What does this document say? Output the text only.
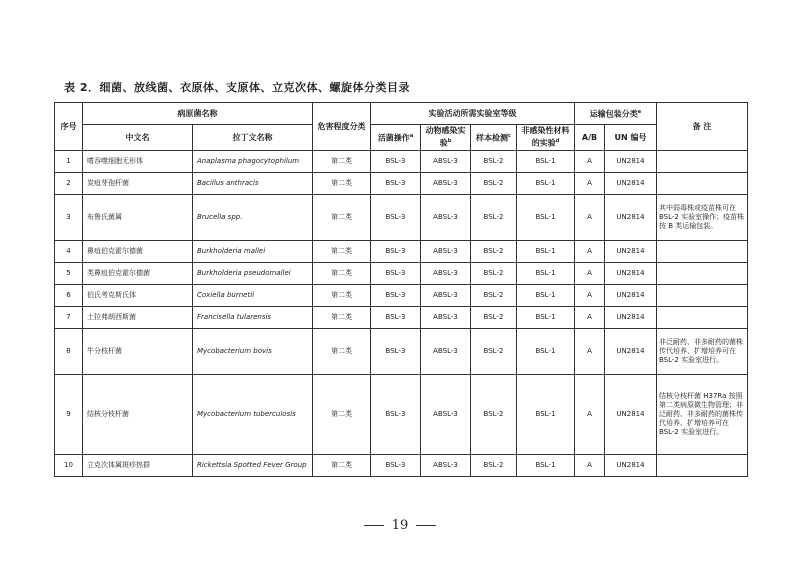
表 2．细菌、放线菌、衣原体、支原体、立克次体、螺旋体分类目录
序号	病原菌名称		危害程度分类	实验活动所需实验室等级				运输包装分类$^e$		备 注
	中文名	拉丁文名称		活菌操作$^a$	动物感染实验$^b$	样本检测$^c$	非感染性材料的实验$^d$	A/B	UN 编号	
1	嗜吞噬细胞无形体	Anaplasma phagocytophilum	第二类	BSL-3	ABSL-3	BSL-2	BSL-1	A	UN2814	
2	炭疽芽孢杆菌	Bacillus anthracis	第二类	BSL-3	ABSL-3	BSL-2	BSL-1	A	UN2814	
3	布鲁氏菌属	Brucella spp.	第二类	BSL-3	ABSL-3	BSL-2	BSL-1	A	UN2814	其中弱毒株或疫苗株可在 BSL-2 实验室操作；疫苗株按 B 类运输包装。
4	鼻疽伯克霍尔德菌	Burkholderia mallei	第二类	BSL-3	ABSL-3	BSL-2	BSL-1	A	UN2814	
5	类鼻疽伯克霍尔德菌	Burkholderia pseudomallei	第二类	BSL-3	ABSL-3	BSL-2	BSL-1	A	UN2814	
6	伯氏考克斯氏体	Coxiella burnetii	第二类	BSL-3	ABSL-3	BSL-2	BSL-1	A	UN2814	
7	土拉弗朗西斯菌	Francisella tularensis	第二类	BSL-3	ABSL-3	BSL-2	BSL-1	A	UN2814	
8	牛分枝杆菌	Mycobacterium bovis	第二类	BSL-3	ABSL-3	BSL-2	BSL-1	A	UN2814	非泛耐药、非多耐药的菌株传代培养、扩增培养可在 BSL-2 实验室进行。
9	结核分枝杆菌	Mycobacterium tuberculosis	第二类	BSL-3	ABSL-3	BSL-2	BSL-1	A	UN2814	结核分枝杆菌 H37Ra 按照第二类病原微生物管理；非泛耐药、非多耐药的菌株传代培养、扩增培养可在 BSL-2 实验室进行。
10	立克次体属斑疹热群	Rickettsia Spotted Fever Group	第二类	BSL-3	ABSL-3	BSL-2	BSL-1	A	UN2814	
19
